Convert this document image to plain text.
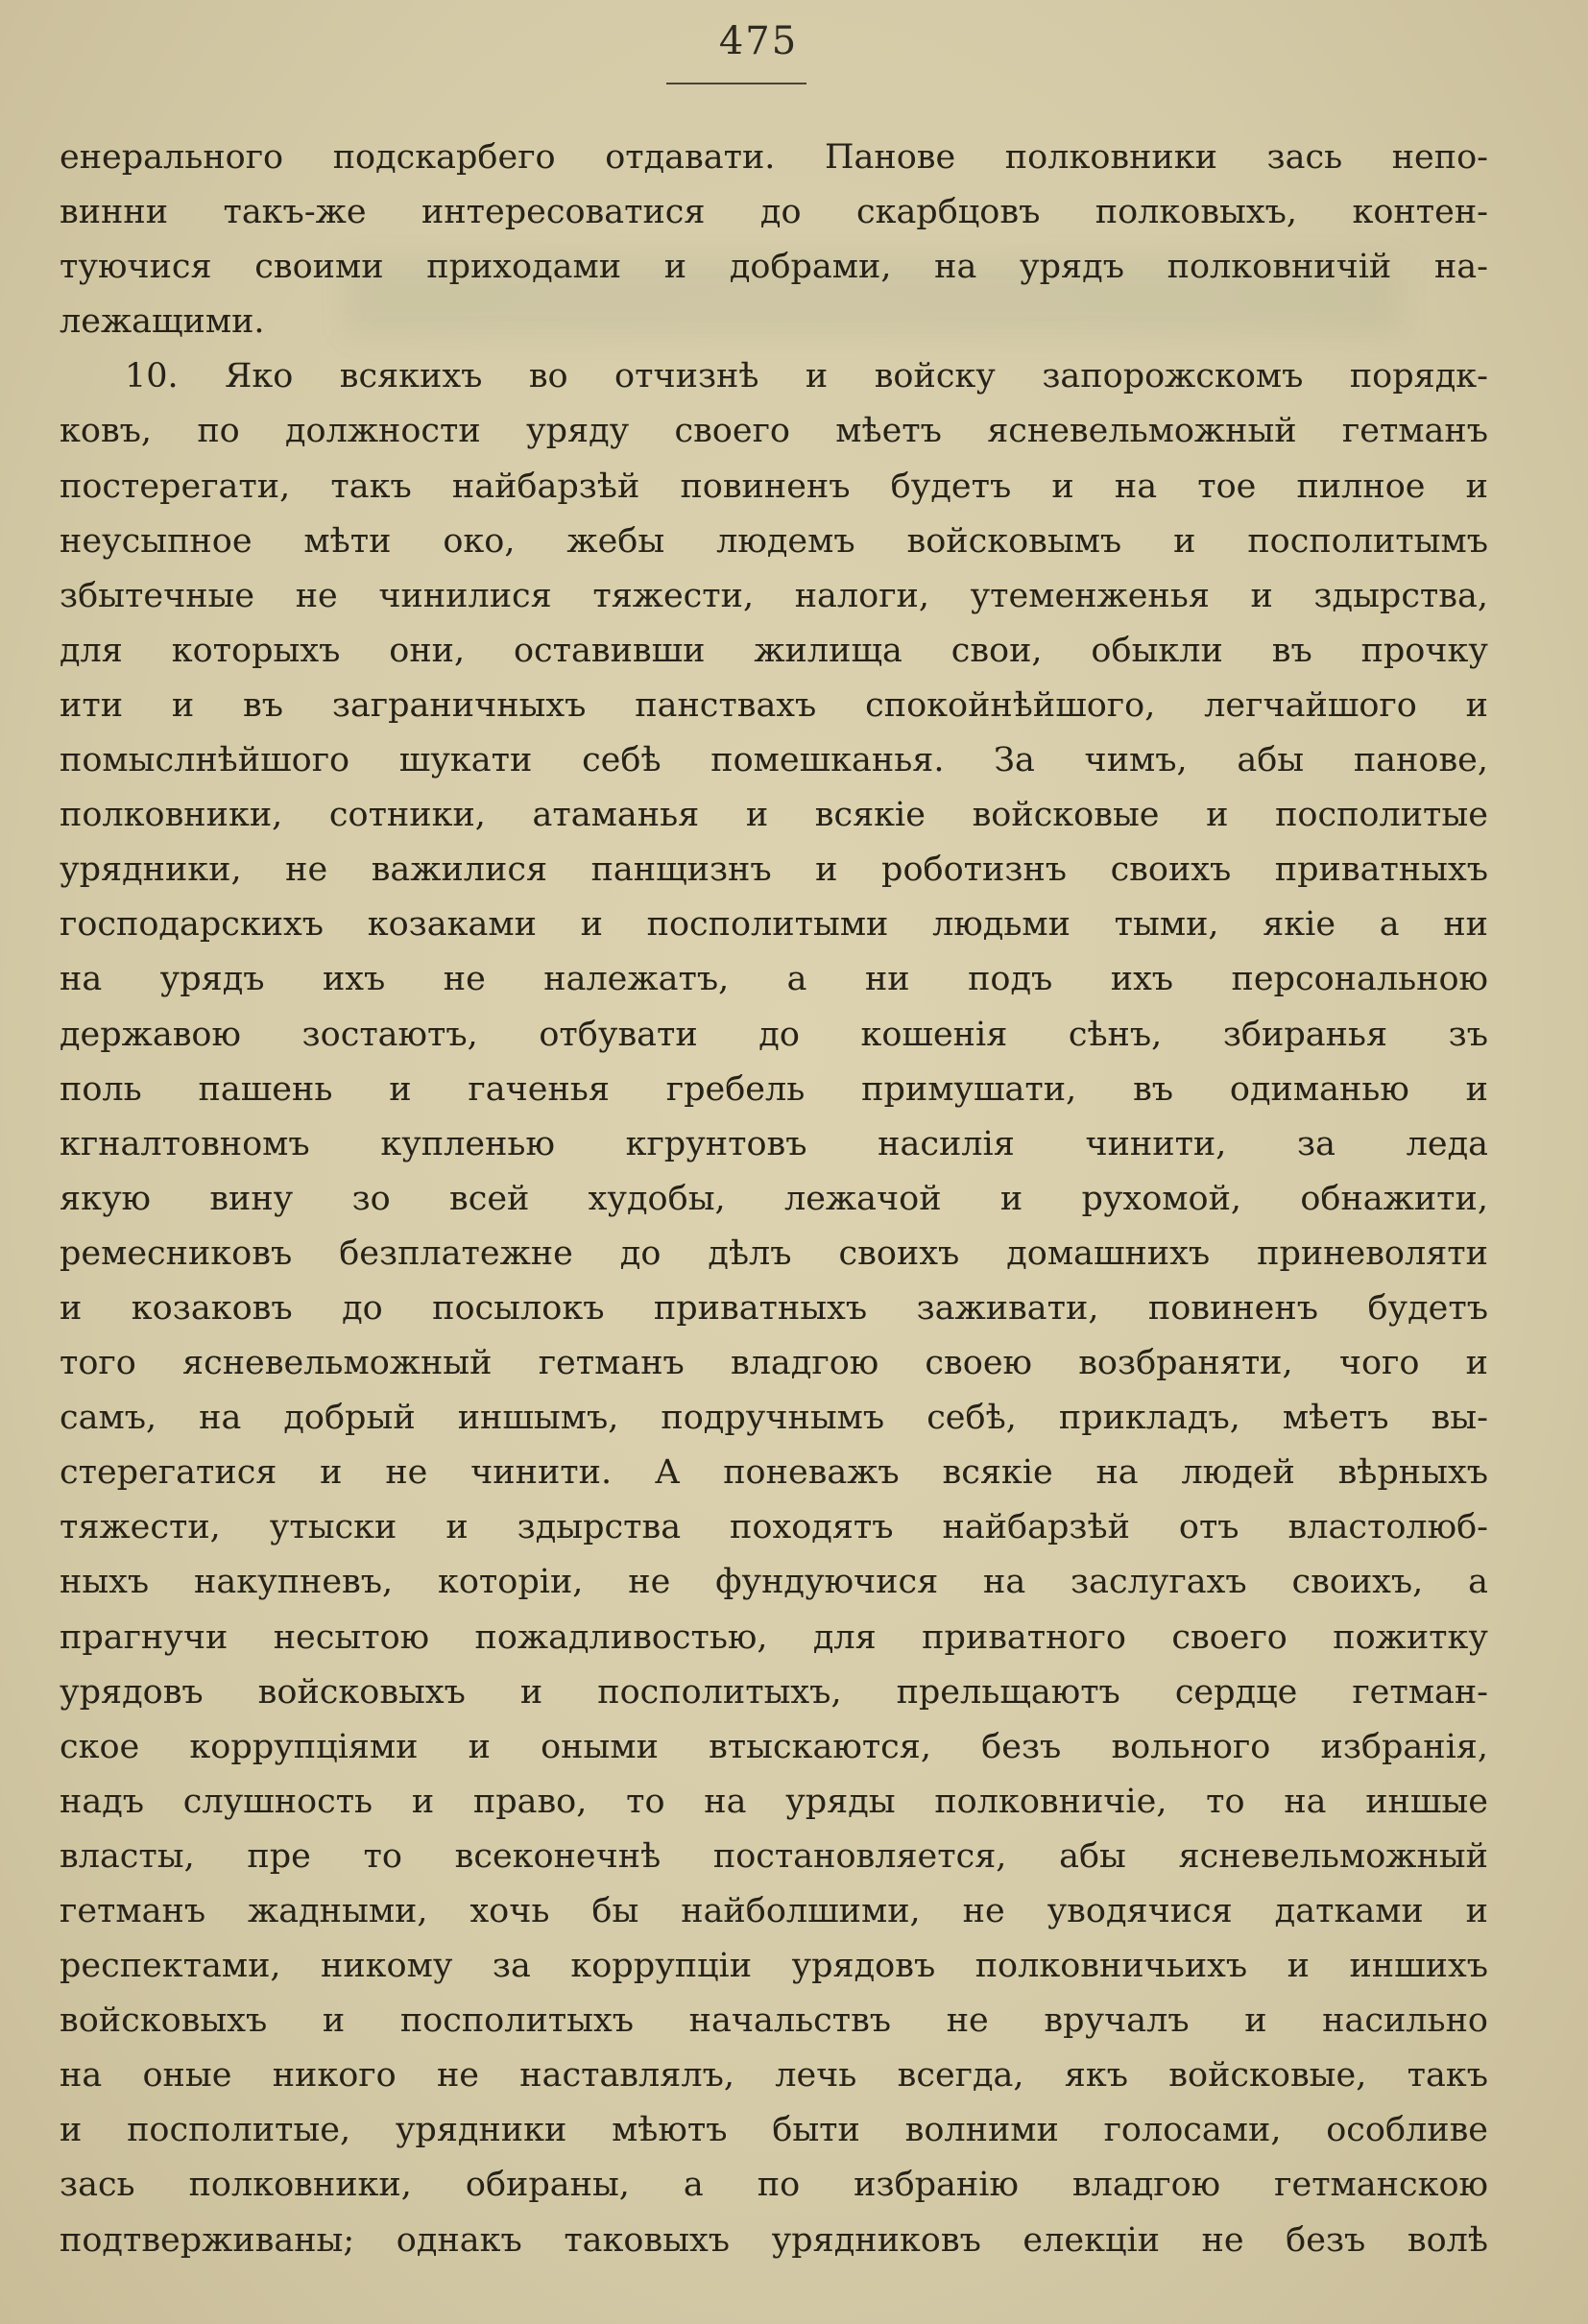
475
енерального подскарбего отдавати. Панове полковники зась непо-
винни такъ-же интересоватися до скарбцовъ полковыхъ, контен-
туючися своими приходами и добрами, на урядъ полковничій на-
лежащими.
10. Яко всякихъ во отчизнѣ и войску запорожскомъ порядк-
ковъ, по должности уряду своего мѣетъ ясневельможный гетманъ
постерегати, такъ найбарзѣй повиненъ будетъ и на тое пилное и
неусыпное мѣти око, жебы людемъ войсковымъ и посполитымъ
збытечные не чинилися тяжести, налоги, утеменженья и здырства,
для которыхъ они, оставивши жилища свои, обыкли въ прочку
ити и въ заграничныхъ панствахъ спокойнѣйшого, легчайшого и
помыслнѣйшого шукати себѣ помешканья. За чимъ, абы панове,
полковники, сотники, атаманья и всякіе войсковые и посполитые
урядники, не важилися панщизнъ и роботизнъ своихъ приватныхъ
господарскихъ козаками и посполитыми людьми тыми, якіе а ни
на урядъ ихъ не належатъ, а ни подъ ихъ персональною
державою зостаютъ, отбувати до кошенія сѣнъ, збиранья зъ
поль пашень и гаченья гребель примушати, въ одиманью и
кгналтовномъ купленью кгрунтовъ насилія чинити, за леда
якую вину зо всей худобы, лежачой и рухомой, обнажити,
ремесниковъ безплатежне до дѣлъ своихъ домашнихъ приневоляти
и козаковъ до посылокъ приватныхъ заживати, повиненъ будетъ
того ясневельможный гетманъ владгою своею возбраняти, чого и
самъ, на добрый иншымъ, подручнымъ себѣ, прикладъ, мѣетъ вы-
стерегатися и не чинити. А поневажъ всякіе на людей вѣрныхъ
тяжести, утыски и здырства походятъ найбарзѣй отъ властолюб-
ныхъ накупневъ, которіи, не фундуючися на заслугахъ своихъ, а
прагнучи несытою пожадливостью, для приватного своего пожитку
урядовъ войсковыхъ и посполитыхъ, прельщаютъ сердце гетман-
ское коррупціями и оными втыскаются, безъ вольного избранія,
надъ слушность и право, то на уряды полковничіе, то на иншые
власты, пре то всеконечнѣ постановляется, абы ясневельможный
гетманъ жадными, хочь бы найболшими, не уводячися датками и
респектами, никому за коррупціи урядовъ полковничьихъ и иншихъ
войсковыхъ и посполитыхъ начальствъ не вручалъ и насильно
на оные никого не наставлялъ, лечь всегда, якъ войсковые, такъ
и посполитые, урядники мѣютъ быти волними голосами, особливе
зась полковники, обираны, а по избранію владгою гетманскою
подтверживаны; однакъ таковыхъ урядниковъ елекціи не безъ волѣ
